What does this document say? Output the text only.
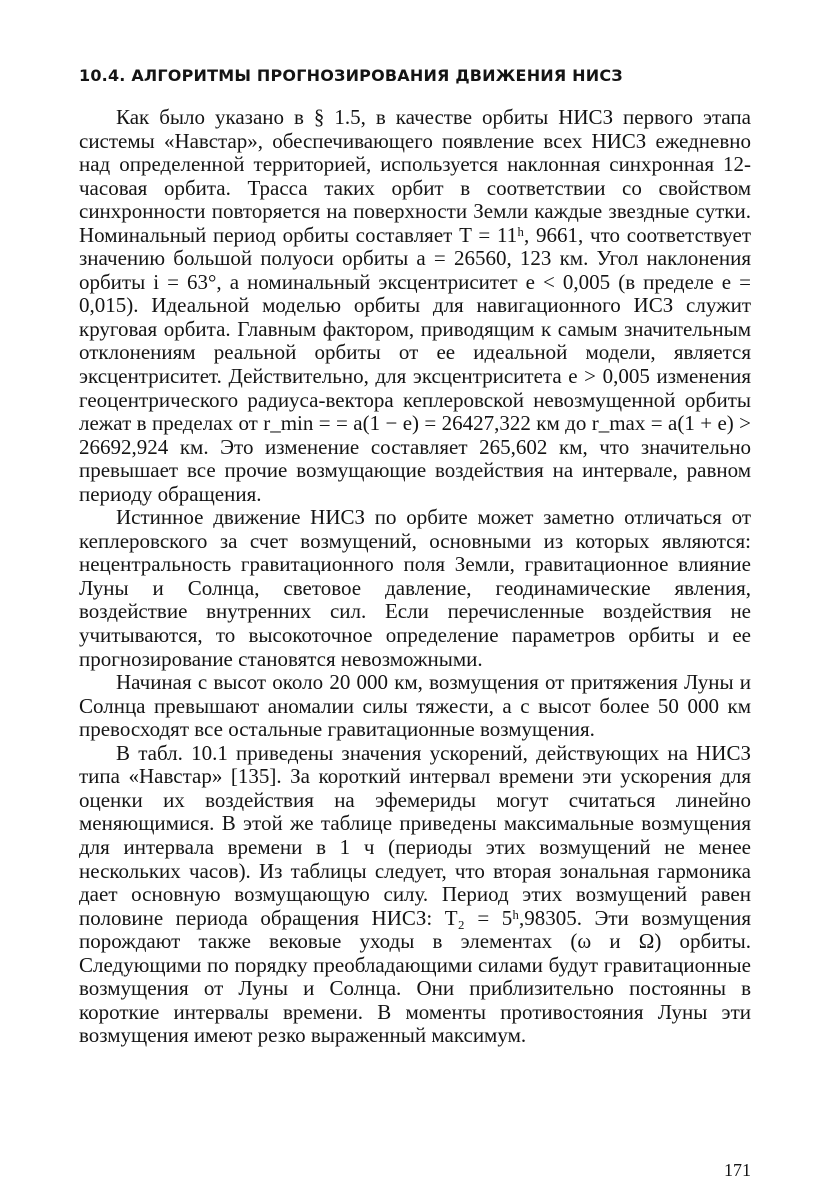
10.4. АЛГОРИТМЫ ПРОГНОЗИРОВАНИЯ ДВИЖЕНИЯ НИСЗ

Как было указано в § 1.5, в качестве орбиты НИСЗ первого этапа системы «Навстар», обеспечивающего появление всех НИСЗ ежедневно над определенной территорией, используется наклонная синхронная 12-часовая орбита. Трасса таких орбит в соответствии со свойством синхронности повторяется на поверхности Земли каждые звездные сутки. Номинальный период орбиты составляет T = 11ʰ, 9661, что соответствует значению большой полуоси орбиты a = 26560, 123 км. Угол наклонения орбиты i = 63°, а номинальный эксцентриситет e < 0,005 (в пределе e = 0,015). Идеальной моделью орбиты для навигационного ИСЗ служит круговая орбита. Главным фактором, приводящим к самым значительным отклонениям реальной орбиты от ее идеальной модели, является эксцентриситет. Действительно, для эксцентриситета e > 0,005 изменения геоцентрического радиуса-вектора кеплеровской невозмущенной орбиты лежат в пределах от r_min = = a(1 − e) = 26427,322 км до r_max = a(1 + e) > 26692,924 км. Это изменение составляет 265,602 км, что значительно превышает все прочие возмущающие воздействия на интервале, равном периоду обращения.

Истинное движение НИСЗ по орбите может заметно отличаться от кеплеровского за счет возмущений, основными из которых являются: нецентральность гравитационного поля Земли, гравитационное влияние Луны и Солнца, световое давление, геодинамические явления, воздействие внутренних сил. Если перечисленные воздействия не учитываются, то высокоточное определение параметров орбиты и ее прогнозирование становятся невозможными.

Начиная с высот около 20 000 км, возмущения от притяжения Луны и Солнца превышают аномалии силы тяжести, а с высот более 50 000 км превосходят все остальные гравитационные возмущения.

В табл. 10.1 приведены значения ускорений, действующих на НИСЗ типа «Навстар» [135]. За короткий интервал времени эти ускорения для оценки их воздействия на эфемериды могут считаться линейно меняющимися. В этой же таблице приведены максимальные возмущения для интервала времени в 1 ч (периоды этих возмущений не менее нескольких часов). Из таблицы следует, что вторая зональная гармоника дает основную возмущающую силу. Период этих возмущений равен половине периода обращения НИСЗ: T₂ = 5ʰ,98305. Эти возмущения порождают также вековые уходы в элементах (ω и Ω) орбиты. Следующими по порядку преобладающими силами будут гравитационные возмущения от Луны и Солнца. Они приблизительно постоянны в короткие интервалы времени. В моменты противостояния Луны эти возмущения имеют резко выраженный максимум.

171
